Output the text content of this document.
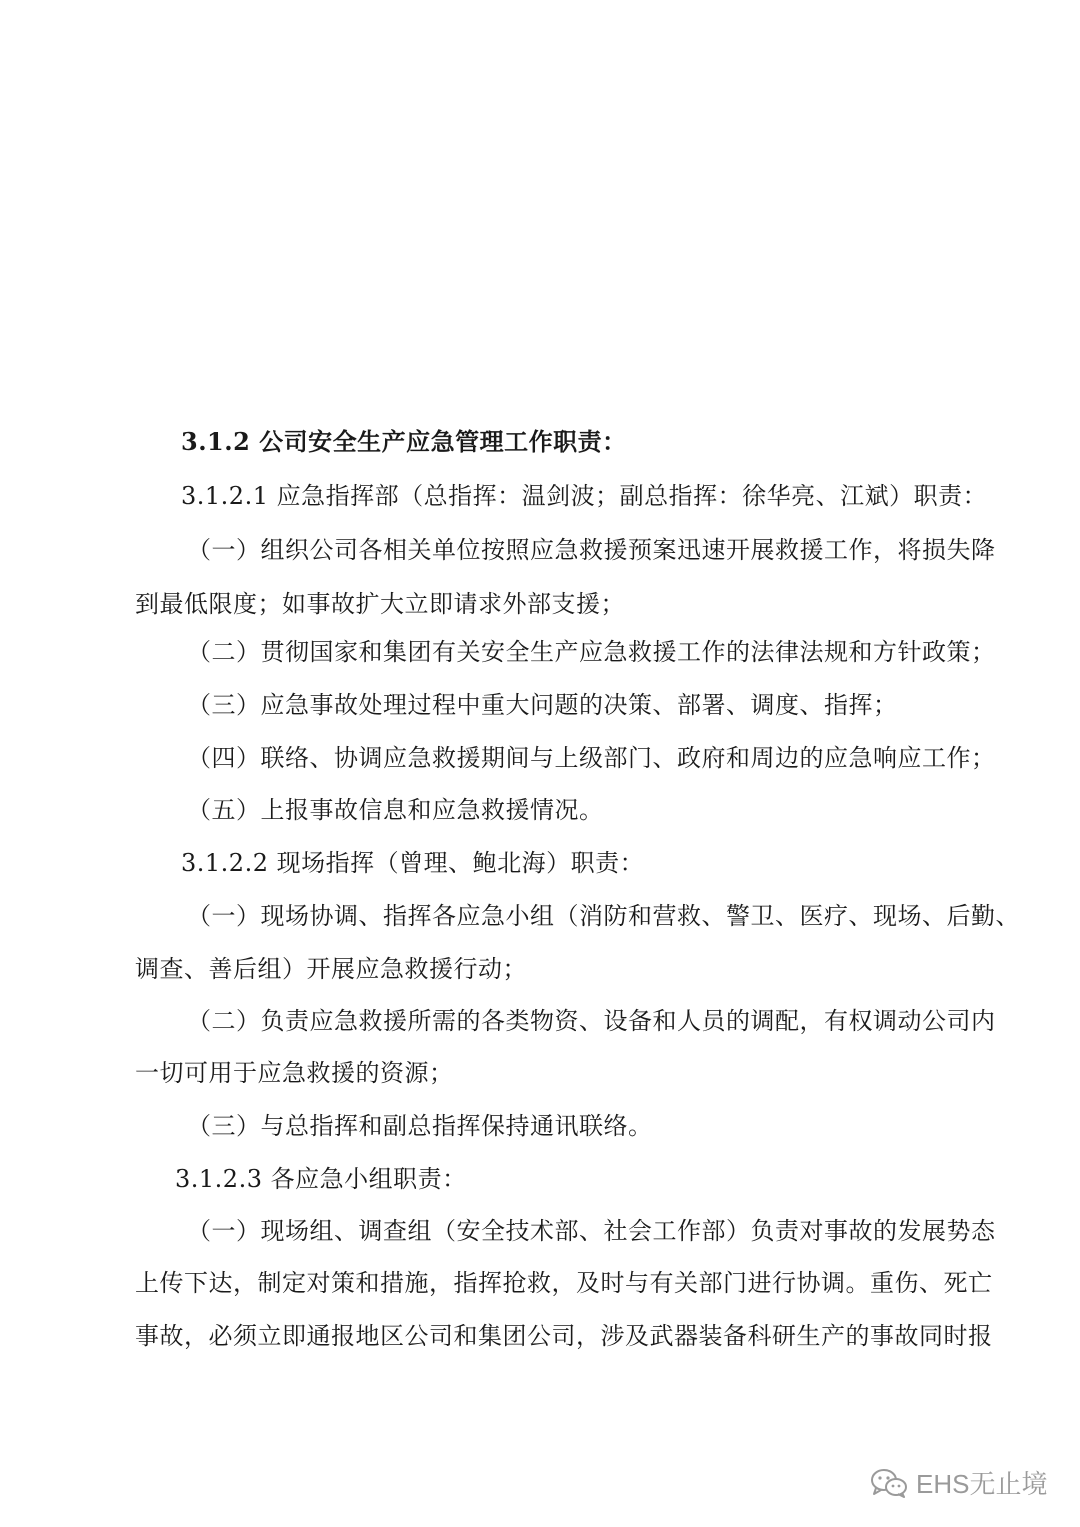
3.1.2 公司安全生产应急管理工作职责：
3.1.2.1 应急指挥部（总指挥：温剑波；副总指挥：徐华亮、江斌）职责：
（一）组织公司各相关单位按照应急救援预案迅速开展救援工作，将损失降
到最低限度；如事故扩大立即请求外部支援；
（二）贯彻国家和集团有关安全生产应急救援工作的法律法规和方针政策；
（三）应急事故处理过程中重大问题的决策、部署、调度、指挥；
（四）联络、协调应急救援期间与上级部门、政府和周边的应急响应工作；
（五）上报事故信息和应急救援情况。
3.1.2.2 现场指挥（曾理、鲍北海）职责：
（一）现场协调、指挥各应急小组（消防和营救、警卫、医疗、现场、后勤、
调查、善后组）开展应急救援行动；
（二）负责应急救援所需的各类物资、设备和人员的调配，有权调动公司内
一切可用于应急救援的资源；
（三）与总指挥和副总指挥保持通讯联络。
3.1.2.3 各应急小组职责：
（一）现场组、调查组（安全技术部、社会工作部）负责对事故的发展势态
上传下达，制定对策和措施，指挥抢救，及时与有关部门进行协调。重伤、死亡
事故，必须立即通报地区公司和集团公司，涉及武器装备科研生产的事故同时报
EHS无止境
